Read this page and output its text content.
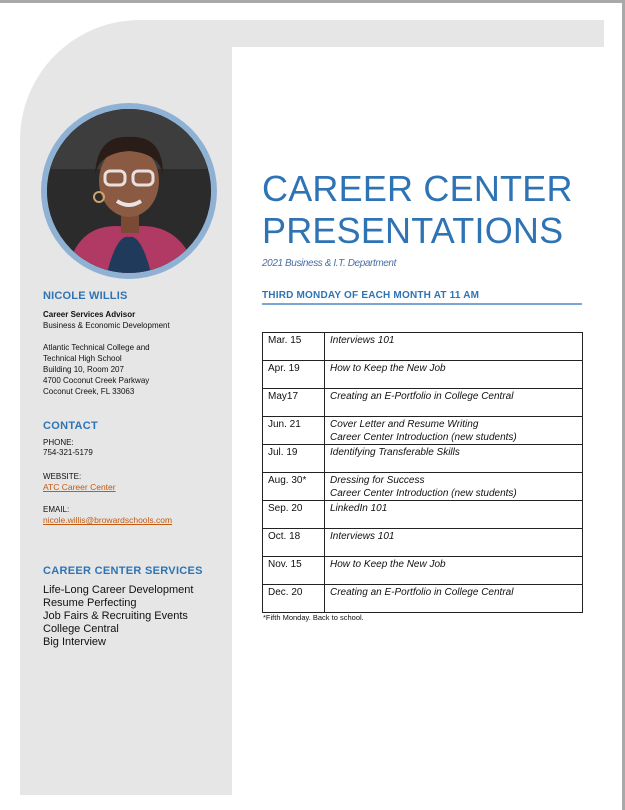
NICOLE WILLIS
Career Services Advisor
Business & Economic Development
Atlantic Technical College and
Technical High School
Building 10, Room 207
4700 Coconut Creek Parkway
Coconut Creek, FL 33063
CONTACT
PHONE:
754-321-5179
WEBSITE:
ATC Career Center
EMAIL:
nicole.willis@browardschools.com
CAREER CENTER SERVICES
Life-Long Career Development
Resume Perfecting
Job Fairs & Recruiting Events
College Central
Big Interview
CAREER CENTER
PRESENTATIONS
2021 Business & I.T. Department
THIRD MONDAY OF EACH MONTH AT 11 AM
Mar. 15	Interviews 101

Apr. 19	How to Keep the New Job

May17	Creating an E-Portfolio in College Central

Jun. 21	Cover Letter and Resume Writing
Career Center Introduction (new students)

Jul. 19	Identifying Transferable Skills

Aug. 30*	Dressing for Success
Career Center Introduction (new students)

Sep. 20	LinkedIn 101

Oct. 18	Interviews 101

Nov. 15	How to Keep the New Job

Dec. 20	Creating an E-Portfolio in College Central
*Fifth Monday. Back to school.
